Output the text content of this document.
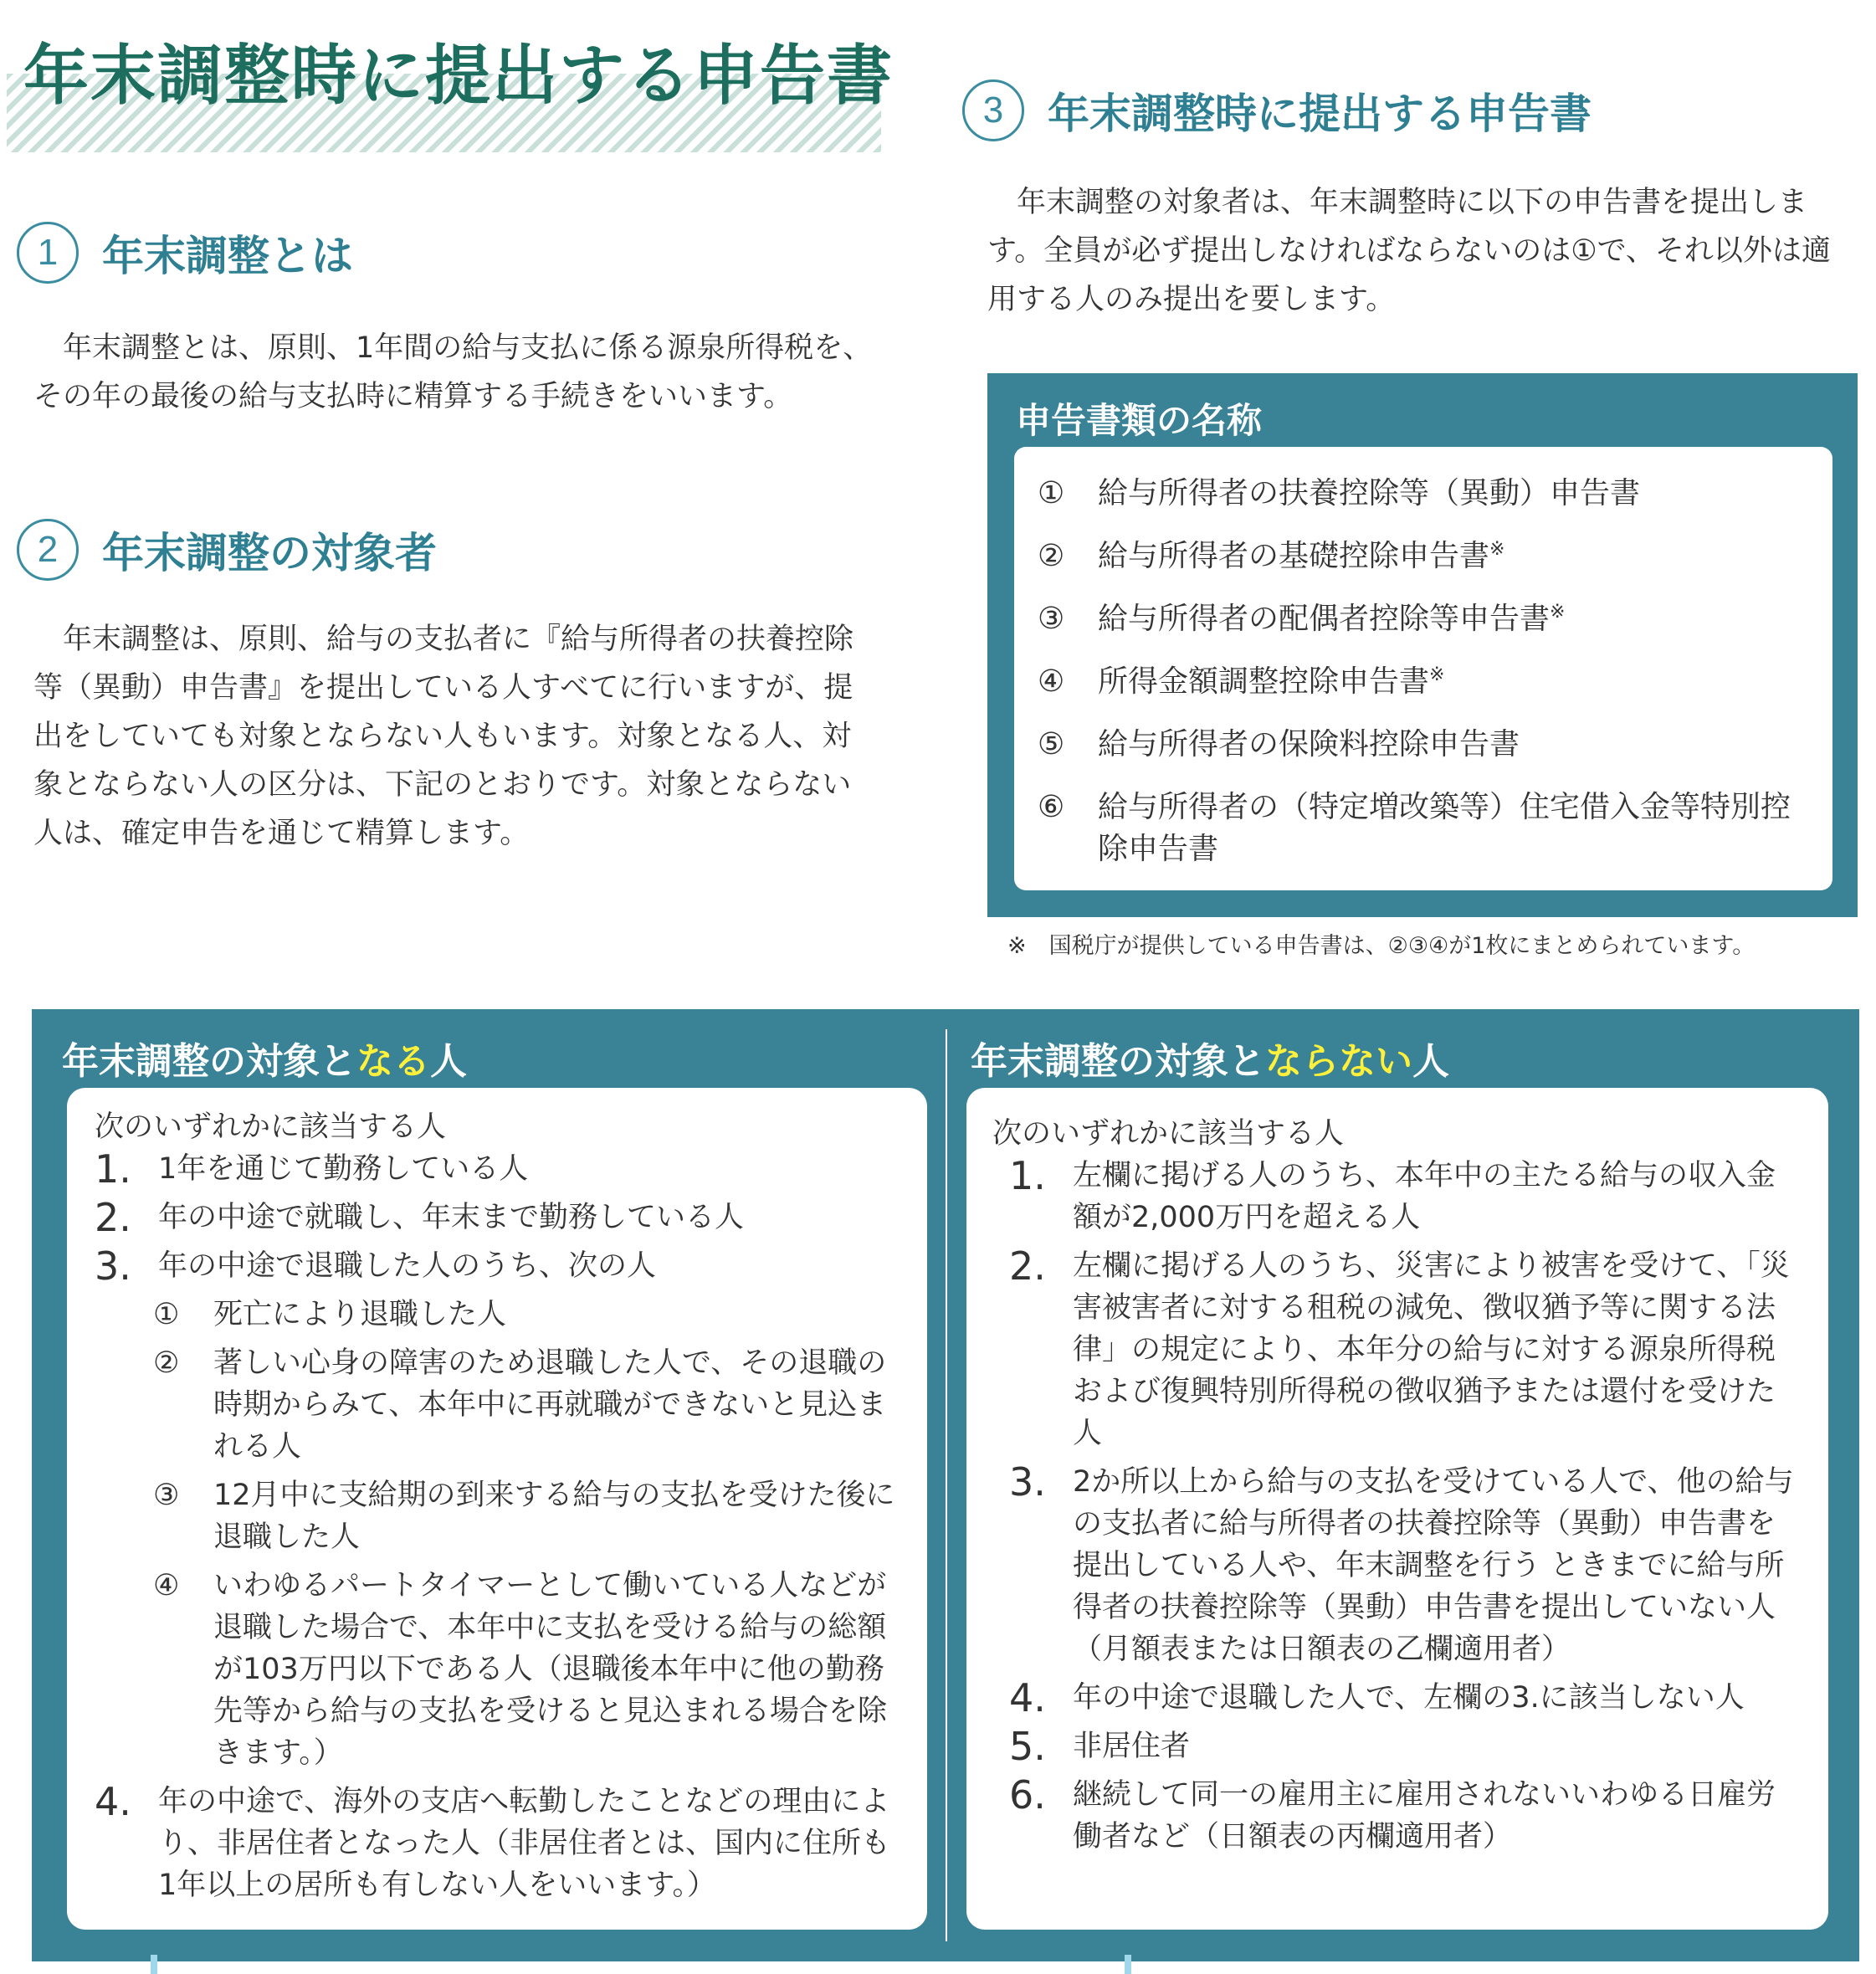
年末調整時に提出する申告書
1	年末調整とは

　年末調整とは、原則、1年間の給与支払に係る源泉所得税を、その年の最後の給与支払時に精算する手続きをいいます。

2	年末調整の対象者

　年末調整は、原則、給与の支払者に『給与所得者の扶養控除等（異動）申告書』を提出している人すべてに行いますが、提出をしていても対象とならない人もいます。対象となる人、対象とならない人の区分は、下記のとおりです。対象とならない人は、確定申告を通じて精算します。

3	年末調整時に提出する申告書

　年末調整の対象者は、年末調整時に以下の申告書を提出します。全員が必ず提出しなければならないのは①で、それ以外は適用する人のみ提出を要します。

申告書類の名称
①	給与所得者の扶養控除等（異動）申告書
②	給与所得者の基礎控除申告書※
③	給与所得者の配偶者控除等申告書※
④	所得金額調整控除申告書※
⑤	給与所得者の保険料控除申告書
⑥	給与所得者の（特定増改築等）住宅借入金等特別控除申告書
※　国税庁が提供している申告書は、②③④が1枚にまとめられています。
年末調整の対象となる人

次のいずれかに該当する人

1. 1年を通じて勤務している人
2. 年の中途で就職し、年末まで勤務している人
3. 年の中途で退職した人のうち、次の人
①	死亡により退職した人
②	著しい心身の障害のため退職した人で、その退職の時期からみて、本年中に再就職ができないと見込まれる人
③	12月中に支給期の到来する給与の支払を受けた後に退職した人
④	いわゆるパートタイマーとして働いている人などが退職した場合で、本年中に支払を受ける給与の総額が103万円以下である人（退職後本年中に他の勤務先等から給与の支払を受けると見込まれる場合を除きます。）
4. 年の中途で、海外の支店へ転勤したことなどの理由により、非居住者となった人（非居住者とは、国内に住所も1年以上の居所も有しない人をいいます。）
年末調整の対象とならない人

次のいずれかに該当する人

1. 左欄に掲げる人のうち、本年中の主たる給与の収入金額が2,000万円を超える人
2. 左欄に掲げる人のうち、災害により被害を受けて、「災害被害者に対する租税の減免、徴収猶予等に関する法律」の規定により、本年分の給与に対する源泉所得税および復興特別所得税の徴収猶予または還付を受けた人
3. 2か所以上から給与の支払を受けている人で、他の給与の支払者に給与所得者の扶養控除等（異動）申告書を提出している人や、年末調整を行う ときまでに給与所得者の扶養控除等（異動）申告書を提出していない人（月額表または日額表の乙欄適用者）
4. 年の中途で退職した人で、左欄の3.に該当しない人
5. 非居住者
6. 継続して同一の雇用主に雇用されないいわゆる日雇労働者など（日額表の丙欄適用者）
